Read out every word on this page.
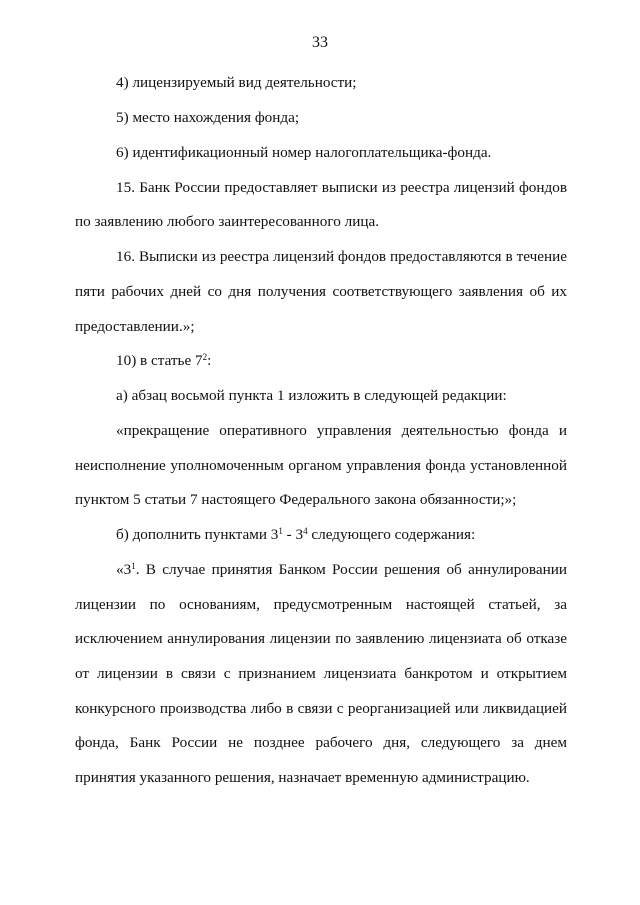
33
4) лицензируемый вид деятельности;
5) место нахождения фонда;
6) идентификационный номер налогоплательщика-фонда.
15. Банк России предоставляет выписки из реестра лицензий фондов
по заявлению любого заинтересованного лица.
16. Выписки из реестра лицензий фондов предоставляются в течение
пяти рабочих дней со дня получения соответствующего заявления об их
предоставлении.»;
10) в статье $7^2$:
а) абзац восьмой пункта 1 изложить в следующей редакции:
«прекращение оперативного управления деятельностью фонда и
неисполнение уполномоченным органом управления фонда установленной
пунктом 5 статьи 7 настоящего Федерального закона обязанности;»;
б) дополнить пунктами $3^1 - 3^4$ следующего содержания:
«$3^1$. В случае принятия Банком России решения об аннулировании
лицензии по основаниям, предусмотренным настоящей статьей, за
исключением аннулирования лицензии по заявлению лицензиата об отказе
от лицензии в связи с признанием лицензиата банкротом и открытием
конкурсного производства либо в связи с реорганизацией или ликвидацией
фонда, Банк России не позднее рабочего дня, следующего за днем
принятия указанного решения, назначает временную администрацию.
